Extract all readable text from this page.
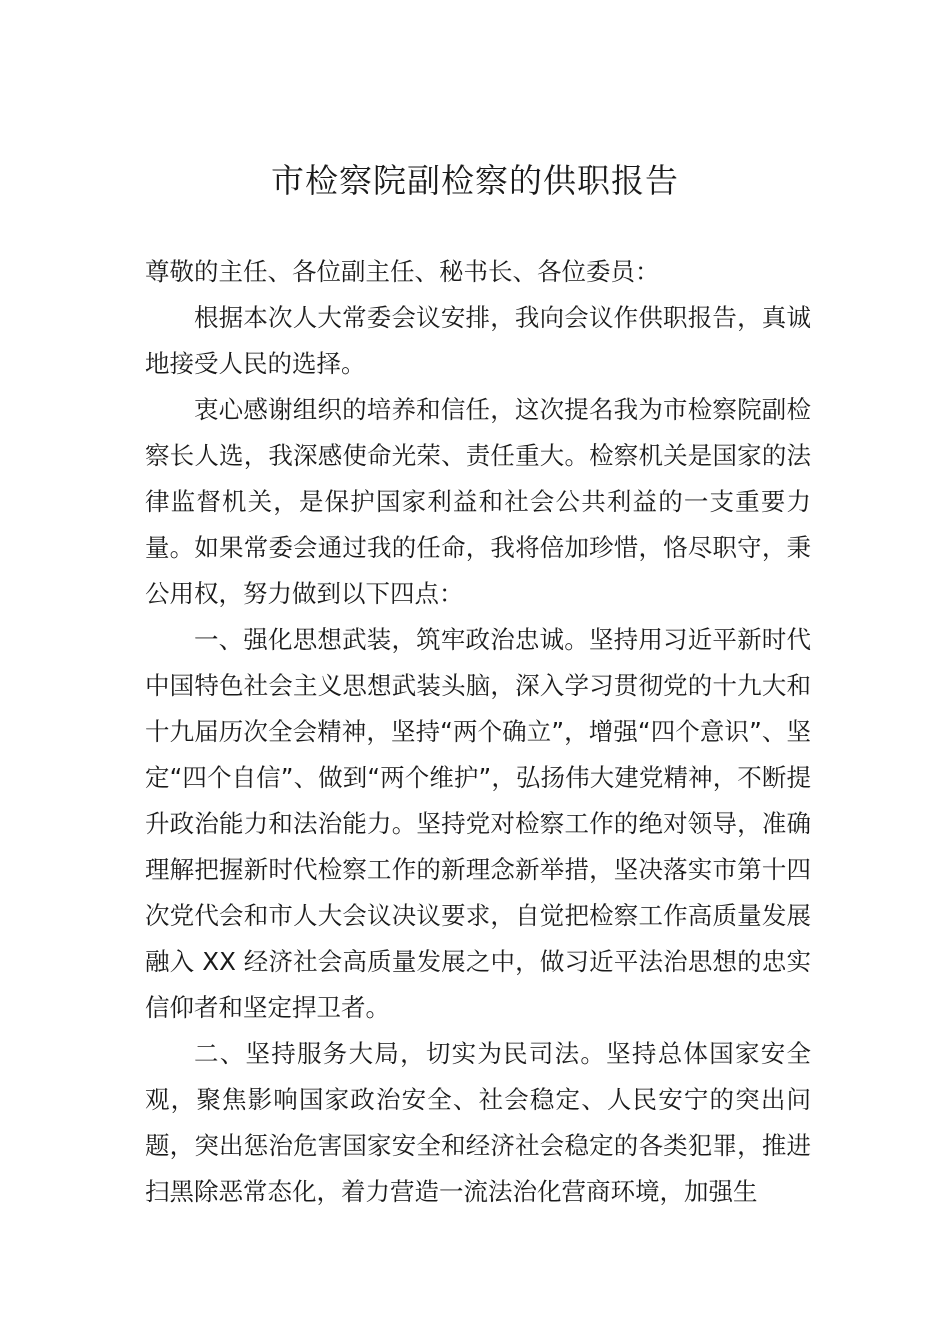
市检察院副检察的供职报告

尊敬的主任、各位副主任、秘书长、各位委员：

根据本次人大常委会议安排，我向会议作供职报告，真诚地接受人民的选择。

衷心感谢组织的培养和信任，这次提名我为市检察院副检察长人选，我深感使命光荣、责任重大。检察机关是国家的法律监督机关，是保护国家利益和社会公共利益的一支重要力量。如果常委会通过我的任命，我将倍加珍惜，恪尽职守，秉公用权，努力做到以下四点：

一、强化思想武装，筑牢政治忠诚。坚持用习近平新时代中国特色社会主义思想武装头脑，深入学习贯彻党的十九大和十九届历次全会精神，坚持“两个确立”，增强“四个意识”、坚定“四个自信”、做到“两个维护”，弘扬伟大建党精神，不断提升政治能力和法治能力。坚持党对检察工作的绝对领导，准确理解把握新时代检察工作的新理念新举措，坚决落实市第十四次党代会和市人大会议决议要求，自觉把检察工作高质量发展融入 XX 经济社会高质量发展之中，做习近平法治思想的忠实信仰者和坚定捍卫者。

二、坚持服务大局，切实为民司法。坚持总体国家安全观，聚焦影响国家政治安全、社会稳定、人民安宁的突出问题，突出惩治危害国家安全和经济社会稳定的各类犯罪，推进扫黑除恶常态化，着力营造一流法治化营商环境，加强生
